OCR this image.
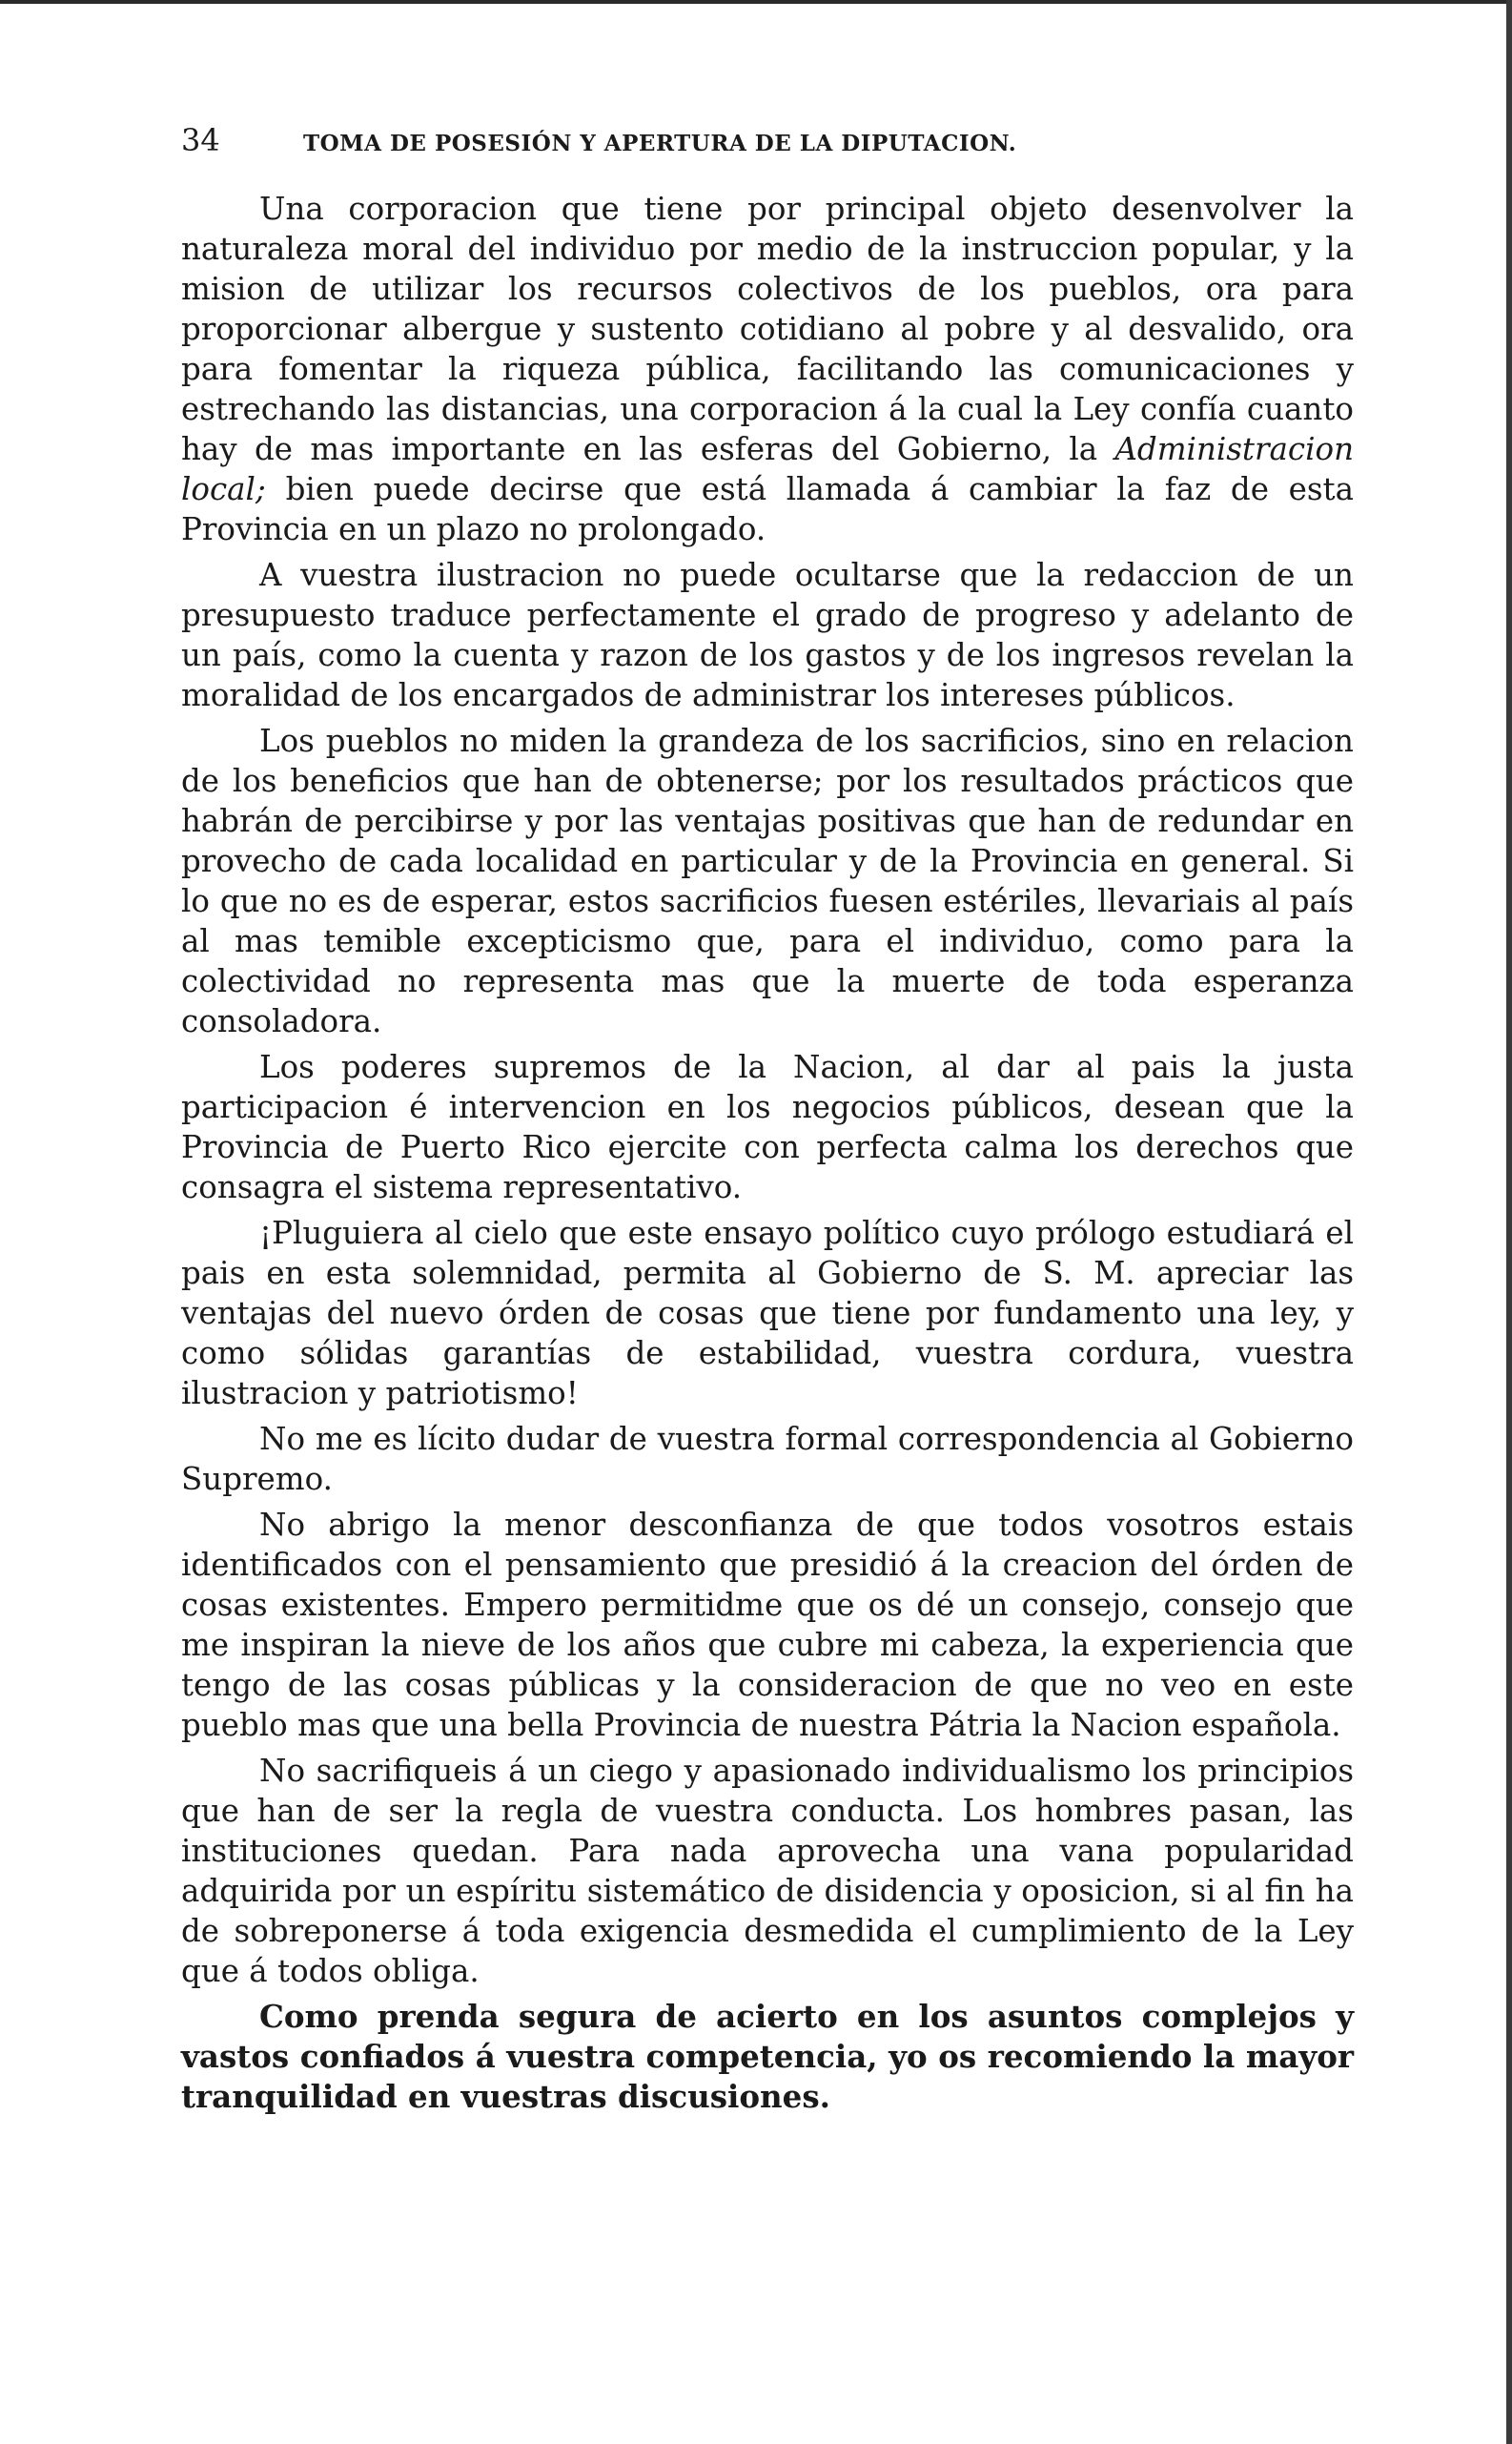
34	TOMA DE POSESIÓN Y APERTURA DE LA DIPUTACION.

Una corporacion que tiene por principal objeto desenvolver la naturaleza moral del individuo por medio de la instruccion popular, y la mision de utilizar los recursos colectivos de los pueblos, ora para proporcionar albergue y sustento cotidiano al pobre y al desvalido, ora para fomentar la riqueza pública, facilitando las comunicaciones y estrechando las distancias, una corporacion á la cual la Ley confía cuanto hay de mas importante en las esferas del Gobierno, la Administracion local; bien puede decirse que está llamada á cambiar la faz de esta Provincia en un plazo no prolongado.

A vuestra ilustracion no puede ocultarse que la redaccion de un presupuesto traduce perfectamente el grado de progreso y adelanto de un país, como la cuenta y razon de los gastos y de los ingresos revelan la moralidad de los encargados de administrar los intereses públicos.

Los pueblos no miden la grandeza de los sacrificios, sino en relacion de los beneficios que han de obtenerse; por los resultados prácticos que habrán de percibirse y por las ventajas positivas que han de redundar en provecho de cada localidad en particular y de la Provincia en general. Si lo que no es de esperar, estos sacrificios fuesen estériles, llevariais al país al mas temible excepticismo que, para el individuo, como para la colectividad no representa mas que la muerte de toda esperanza consoladora.

Los poderes supremos de la Nacion, al dar al pais la justa participacion é intervencion en los negocios públicos, desean que la Provincia de Puerto Rico ejercite con perfecta calma los derechos que consagra el sistema representativo.

¡Pluguiera al cielo que este ensayo político cuyo prólogo estudiará el pais en esta solemnidad, permita al Gobierno de S. M. apreciar las ventajas del nuevo órden de cosas que tiene por fundamento una ley, y como sólidas garantías de estabilidad, vuestra cordura, vuestra ilustracion y patriotismo!

No me es lícito dudar de vuestra formal correspondencia al Gobierno Supremo.

No abrigo la menor desconfianza de que todos vosotros estais identificados con el pensamiento que presidió á la creacion del órden de cosas existentes. Empero permitidme que os dé un consejo, consejo que me inspiran la nieve de los años que cubre mi cabeza, la experiencia que tengo de las cosas públicas y la consideracion de que no veo en este pueblo mas que una bella Provincia de nuestra Pátria la Nacion española.

No sacrifiqueis á un ciego y apasionado individualismo los principios que han de ser la regla de vuestra conducta. Los hombres pasan, las instituciones quedan. Para nada aprovecha una vana popularidad adquirida por un espíritu sistemático de disidencia y oposicion, si al fin ha de sobreponerse á toda exigencia desmedida el cumplimiento de la Ley que á todos obliga.

Como prenda segura de acierto en los asuntos complejos y vastos confiados á vuestra competencia, yo os recomiendo la mayor tranquilidad en vuestras discusiones.
